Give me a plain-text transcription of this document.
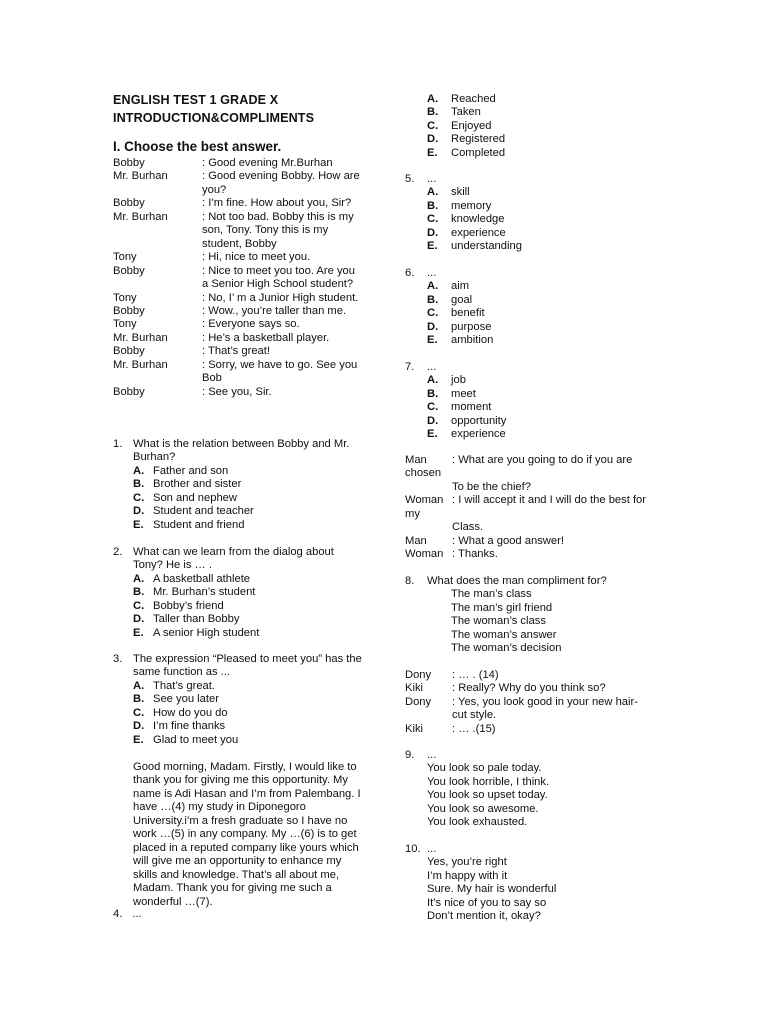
ENGLISH TEST 1 GRADE X
INTRODUCTION&COMPLIMENTS
I. Choose the best answer.
Bobby	: Good evening Mr.Burhan
Mr. Burhan	: Good evening Bobby. How are you?
Bobby	: I’m fine. How about you, Sir?
Mr. Burhan	: Not too bad. Bobby this is my son, Tony. Tony this is my student, Bobby
Tony	: Hi, nice to meet you.
Bobby	: Nice to meet you too. Are you a Senior High School student?
Tony	: No, I’ m a Junior High student.
Bobby	: Wow., you’re taller than me.
Tony	: Everyone says so.
Mr. Burhan	: He’s a basketball player.
Bobby	: That’s great!
Mr. Burhan	: Sorry, we have to go. See you Bob
Bobby	: See you, Sir.
1. What is the relation between Bobby and Mr. Burhan?
A. Father and son
B. Brother and sister
C. Son and nephew
D. Student and teacher
E. Student and friend
2. What can we learn from the dialog about Tony? He is … .
A. A basketball athlete
B. Mr. Burhan’s student
C. Bobby’s friend
D. Taller than Bobby
E. A senior High student
3. The expression “Pleased to meet you” has the same function as ...
A. That’s great.
B. See you later
C. How do you do
D. I’m fine thanks
E. Glad to meet you
Good morning, Madam. Firstly, I would like to thank you for giving me this opportunity. My name is Adi Hasan and I’m from Palembang. I have …(4) my study in Diponegoro University.i’m a fresh graduate so I have no work …(5) in any company. My …(6) is to get placed in a reputed company like yours which will give me an opportunity to enhance my skills and knowledge. That’s all about me, Madam. Thank you for giving me such a wonderful …(7).
4. ...
A. Reached
B. Taken
C. Enjoyed
D. Registered
E. Completed
5. ...
A. skill
B. memory
C. knowledge
D. experience
E. understanding
6. ...
A. aim
B. goal
C. benefit
D. purpose
E. ambition
7. ...
A. job
B. meet
C. moment
D. opportunity
E. experience
Man : What are you going to do if you are
chosen
To be the chief?
Woman : I will accept it and I will do the best for
my
Class.
Man : What a good answer!
Woman : Thanks.
8. What does the man compliment for?
The man’s class
The man’s girl friend
The woman’s class
The woman’s answer
The woman’s decision
Dony : … . (14)
Kiki	: Really? Why do you think so?
Dony : Yes, you look good in your new hair-cut style.
Kiki	: … .(15)
9. ...
You look so pale today.
You look horrible, I think.
You look so upset today.
You look so awesome.
You look exhausted.
10. ...
Yes, you’re right
I’m happy with it
Sure. My hair is wonderful
It’s nice of you to say so
Don’t mention it, okay?
